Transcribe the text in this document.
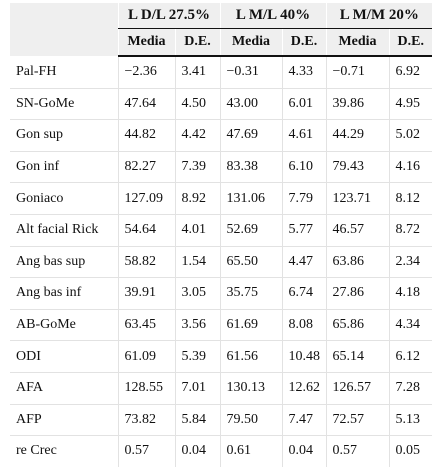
	L D/L 27.5%		L M/L 40%		L M/M 20%	

	Media	D.E.	Media	D.E.	Media	D.E.
Pal-FH	−2.36	3.41	−0.31	4.33	−0.71	6.92
SN-GoMe	47.64	4.50	43.00	6.01	39.86	4.95
Gon sup	44.82	4.42	47.69	4.61	44.29	5.02
Gon inf	82.27	7.39	83.38	6.10	79.43	4.16
Goniaco	127.09	8.92	131.06	7.79	123.71	8.12
Alt facial Rick	54.64	4.01	52.69	5.77	46.57	8.72
Ang bas sup	58.82	1.54	65.50	4.47	63.86	2.34
Ang bas inf	39.91	3.05	35.75	6.74	27.86	4.18
AB-GoMe	63.45	3.56	61.69	8.08	65.86	4.34
ODI	61.09	5.39	61.56	10.48	65.14	6.12
AFA	128.55	7.01	130.13	12.62	126.57	7.28
AFP	73.82	5.84	79.50	7.47	72.57	5.13
re Crec	0.57	0.04	0.61	0.04	0.57	0.05
